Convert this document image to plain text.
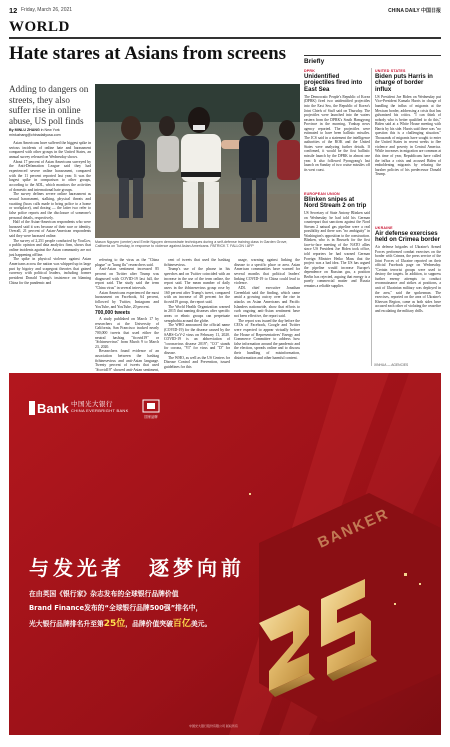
12 Friday, March 26, 2021	CHINA DAILY 中国日报
WORLD
Hate stares at Asians from screens
Adding to dangers on streets, they also suffer rise in online abuse, US poll finds
By MINLU ZHANG in New York
minluzhang@chinadailyusa.com
Mason Nguyen (center) and Emile Nguyen demonstrate techniques during a self-defense training class in Garden Grove, California on Tuesday, in response to violence against Asian Americans. PATRICK T. FALLON / AFP

Asian Americans have suffered the biggest spike in serious incidents of online hate and harassment compared with other groups in the United States, an annual survey released on Wednesday shows.

About 17 percent of Asian Americans surveyed by the Anti-Defamation League said they had experienced severe online harassment, compared with the 11 percent reported last year. It was the largest spike in comparison to other groups, according to the ADL, which monitors the activities of domestic and international hate groups.

The survey defines severe online harassment as sexual harassment, stalking, physical threats and swatting (hoax calls made to bring police to a home or workplace), and doxing — the latter two refer to false police reports and the disclosure of someone's personal details, respectively.

Half of the Asian-American respondents who were harassed said it was because of their race or identity. Overall, 21 percent of Asian-American respondents said they were harassed online.

The survey of 2,251 people conducted by YouGov, a public opinion and data analytics firm, shows that online incidents against the Asian community are not just happening offline.

The spike in physical violence against Asian Americans across the nation was whipped up in large part by bigotry and scapegoat theories that gained currency with political leaders, including former president Donald Trump's insistence on blaming China for the pandemic and

referring to the virus as the "China plague" or "kung flu" researchers said.

Anti-Asian sentiment increased 85 percent on Twitter after Trump was diagnosed with COVID-19 last fall, the report said. The study said the term "China virus" in several intervals.

Asian Americans experienced the most harassment on Facebook, 64 percent, followed by Twitter, Instagram and YouTube, and YouTube, 20 percent.

700,000 tweets

A study published on March 17 by researchers at the University of California, San Francisco tracked nearly 700,000 tweets that used either the neutral hashtag "#covid19" or "#chinesevirus" from March 9 to March 23, 2020.

Researchers found evidence of an association between the hashtag #chinesevirus and anti-Asian language. Twenty percent of tweets that used "#covid19" showed anti-Asian sentiment,

cent of tweets that used the hashtag #chinesevirus.

Trump's use of the phrase in his speeches and on Twitter coincided with an increase in the use of the term online, the report said. The mean number of daily users in the #chinesevirus group rose by 160 percent after Trump's tweet, compared with an increase of 48 percent for the #covid19 group, the report said.

The World Health Organization warned in 2015 that naming diseases after specific areas or ethnic groups can perpetuate xenophobia around the globe.

The WHO announced the official name (COVID-19) for the disease caused by the SARS-CoV-2 virus on February 11, 2020. COVID-19 is an abbreviation of "coronavirus disease 2019"; "CO" stands for corona, "VI" for virus and "D" for disease.

The WHO, as well as the US Centers for Disease Control and Prevention, issued guidelines for this

usage, warning against linking the disease to a specific place or area. Asian American communities have warned for several months that political leaders' linking COVID-19 to China could lead to violence.

ADL chief executive Jonathan Greenblatt said the finding, which came amid a growing outcry over the rise in attacks on Asian Americans and Pacific Islanders nationwide, show that efforts to curb ongoing anti-Asian sentiment have not been effective, the report said.

The report was issued the day before the CEOs of Facebook, Google and Twitter were expected to appear virtually before the House of Representatives' Energy and Commerce Committee to address how false information around the pandemic and the election, spreads online and to discuss their handling of misinformation, disinformation and other harmful content.

Briefly
DPRK
Unidentified projectiles fired into East Sea
The Democratic People's Republic of Korea (DPRK) fired two unidentified projectiles into the East Sea, the Republic of Korea's Joint Chiefs of Staff said on Thursday. The projectiles were launched into the waters eastern from the DPRK's South Hamgyong Province in the morning, Yonhap news agency reported. The projectiles were estimated to have been ballistic missiles. The JCS said in a statement the intelligence authorities of the ROK and the United States were analyzing further details. If confirmed, it would be the first ballistic missile launch by the DPRK in almost one year. It also followed Pyongyang's last launch on Sunday of two cruise missiles off its west coast.
EUROPEAN UNION
Blinken snipes at Nord Stream 2 on trip
US Secretary of State Antony Blinken said on Wednesday he had told his German counterpart that sanctions against the Nord Stream 2 natural gas pipeline were a real possibility and there was "no ambiguity" in Washington's opposition to the construction. Blinken, who is in Brussels for the first face-to-face meeting of the NATO allies since US President Joe Biden took office, told reporters he had warned German Foreign Minister Heiko Maas that the project was a bad idea. The US has argued the pipeline would increase Europe's dependence on Russian gas, a position Berlin has rejected, arguing that energy is a purely commercial matter and Russia remains a reliable supplier.
UNITED STATES
Biden puts Harris in charge of border influx
US President Joe Biden on Wednesday put Vice-President Kamala Harris in charge of handling the influx of migrants at the Mexican border, addressing a crisis that has galvanized his critics. "I can think of nobody who is better qualified to do this," Biden said at a White House meeting with Harris by his side. Harris said there was "no question this is a challenging situation." Thousands of migrants have sought to enter the United States in recent weeks to flee violence and poverty in Central America. While increases in migration are common at this time of year, Republicans have called the influx a crisis and accused Biden of emboldening migrants by relaxing the harsher policies of his predecessor Donald Trump.
UKRAINE
Air defense exercises held on Crimea border
Air defense brigades of Ukraine's Armed Forces performed combat exercises on the border with Crimea, the press service of the Joint Forces of Ukraine reported on their official Facebook page on Wednesday. "Certain terrorist groups were used to destroy the targets. In addition, to suppress further enemy attempts to conduct reconnaissance and strikes at positions, a unit of Ukrainian military was deployed in the area," said the spokesman. The exercises, reported on the area of Ukraine's Kherson Region, came as both sides have accused each other of violating the ceasefire and escalating the military drills.
XINHUA — AGENCIES
Bank 中国光大银行
CHINA EVERBRIGHT BANK
国家品牌
BANKER
与发光者　逐梦向前
在由英国《银行家》杂志发布的全球银行品牌价值
Brand Finance发布的“全球银行品牌500强”排名中，
光大银行品牌排名升至第25位，品牌价值突破百亿美元。
中国光大银行股份有限公司 版权所有
